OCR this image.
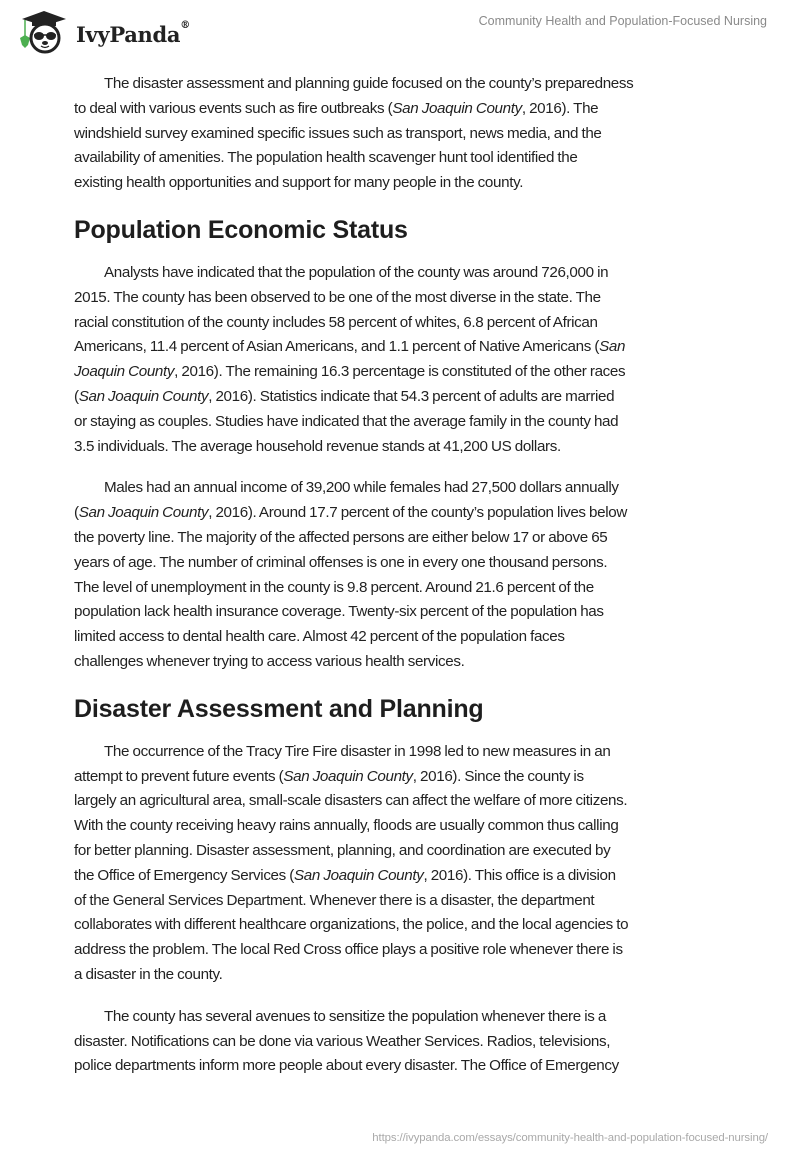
IvyPanda®	Community Health and Population-Focused Nursing

The disaster assessment and planning guide focused on the county’s preparedness
to deal with various events such as fire outbreaks (San Joaquin County, 2016). The
windshield survey examined specific issues such as transport, news media, and the
availability of amenities. The population health scavenger hunt tool identified the
existing health opportunities and support for many people in the county.

Population Economic Status

Analysts have indicated that the population of the county was around 726,000 in
2015. The county has been observed to be one of the most diverse in the state. The
racial constitution of the county includes 58 percent of whites, 6.8 percent of African
Americans, 11.4 percent of Asian Americans, and 1.1 percent of Native Americans (San
Joaquin County, 2016). The remaining 16.3 percentage is constituted of the other races
(San Joaquin County, 2016). Statistics indicate that 54.3 percent of adults are married
or staying as couples. Studies have indicated that the average family in the county had
3.5 individuals. The average household revenue stands at 41,200 US dollars.

Males had an annual income of 39,200 while females had 27,500 dollars annually
(San Joaquin County, 2016). Around 17.7 percent of the county’s population lives below
the poverty line. The majority of the affected persons are either below 17 or above 65
years of age. The number of criminal offenses is one in every one thousand persons.
The level of unemployment in the county is 9.8 percent. Around 21.6 percent of the
population lack health insurance coverage. Twenty-six percent of the population has
limited access to dental health care. Almost 42 percent of the population faces
challenges whenever trying to access various health services.

Disaster Assessment and Planning

The occurrence of the Tracy Tire Fire disaster in 1998 led to new measures in an
attempt to prevent future events (San Joaquin County, 2016). Since the county is
largely an agricultural area, small-scale disasters can affect the welfare of more citizens.
With the county receiving heavy rains annually, floods are usually common thus calling
for better planning. Disaster assessment, planning, and coordination are executed by
the Office of Emergency Services (San Joaquin County, 2016). This office is a division
of the General Services Department. Whenever there is a disaster, the department
collaborates with different healthcare organizations, the police, and the local agencies to
address the problem. The local Red Cross office plays a positive role whenever there is
a disaster in the county.

The county has several avenues to sensitize the population whenever there is a
disaster. Notifications can be done via various Weather Services. Radios, televisions,
police departments inform more people about every disaster. The Office of Emergency

https://ivypanda.com/essays/community-health-and-population-focused-nursing/
